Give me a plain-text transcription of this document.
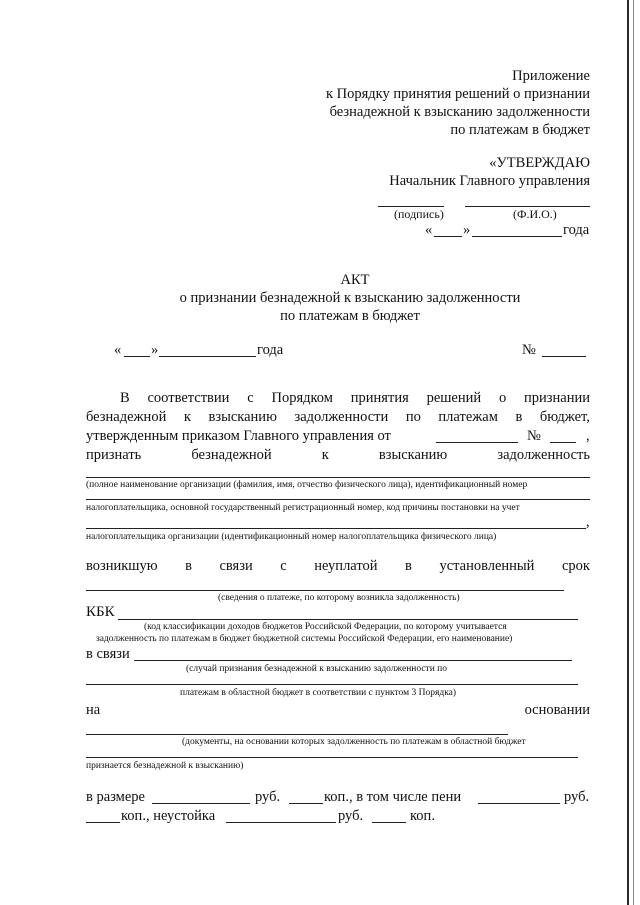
Приложение
к Порядку принятия решений о признании
безнадежной к взысканию задолженности
по платежам в бюджет
«УТВЕРЖДАЮ
Начальник Главного управления
(подпись)	(Ф.И.О.)
« »	года
АКТ
о признании безнадежной к взысканию задолженности
по платежам в бюджет
« »	года	№
В соответствии с Порядком принятия решений о признании
безнадежной к взысканию задолженности по платежам в бюджет,
утвержденным приказом Главного управления от	№	,
признать	безнадежной	к	взысканию	задолженность
(полное наименование организации (фамилия, имя, отчество физического лица), идентификационный номер
налогоплательщика, основной государственный регистрационный номер, код причины постановки на учет
,
налогоплательщика организации (идентификационный номер налогоплательщика физического лица)
возникшую в связи с неуплатой в установленный срок
(сведения о платеже, по которому возникла задолженность)
КБК
(код классификации доходов бюджетов Российской Федерации, по которому учитывается
задолженность по платежам в бюджет бюджетной системы Российской Федерации, его наименование)
в связи
(случай признания безнадежной к взысканию задолженности по
платежам в областной бюджет в соответствии с пунктом 3 Порядка)
на	основании
(документы, на основании которых задолженность по платежам в областной бюджет
признается безнадежной к взысканию)
в размере	руб.	коп., в том числе пени	руб.
коп., неустойка	руб.	коп.
